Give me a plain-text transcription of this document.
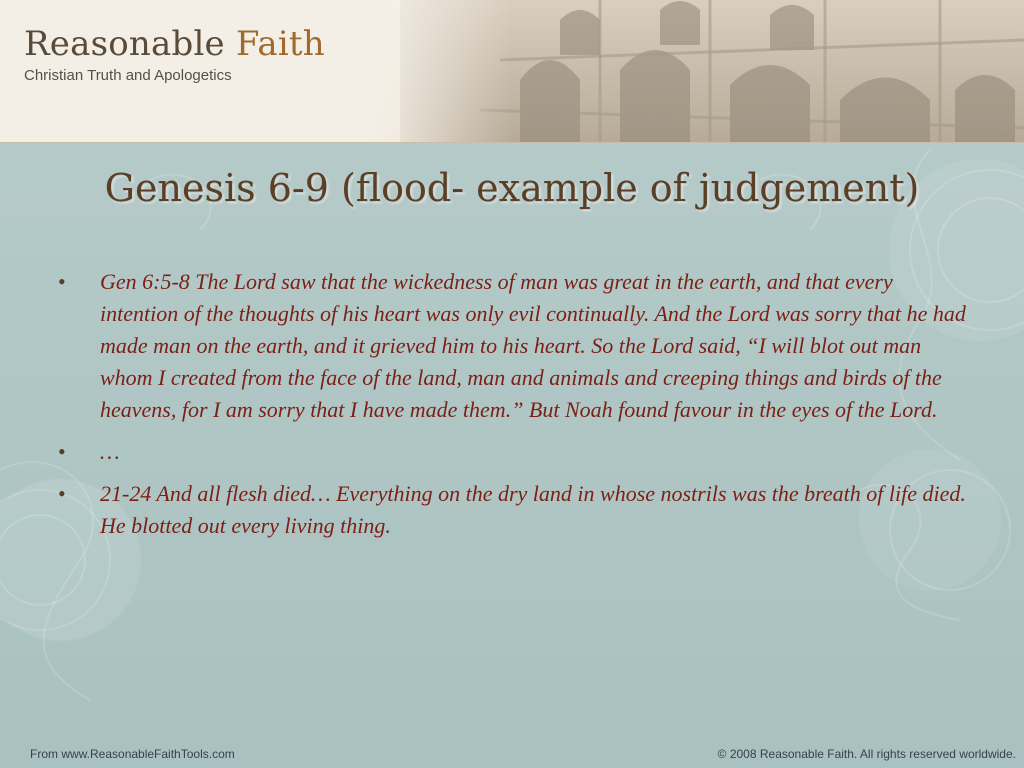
Reasonable Faith
Christian Truth and Apologetics
Genesis 6-9 (flood- example of judgement)
• Gen 6:5-8 The Lord saw that the wickedness of man was great in the earth, and that every intention of the thoughts of his heart was only evil continually. And the Lord was sorry that he had made man on the earth, and it grieved him to his heart. So the Lord said, “I will blot out man whom I created from the face of the land, man and animals and creeping things and birds of the heavens, for I am sorry that I have made them.” But Noah found favour in the eyes of the Lord.
• …
• 21-24 And all flesh died… Everything on the dry land in whose nostrils was the breath of life died. He blotted out every living thing.
From www.ReasonableFaithTools.com	© 2008 Reasonable Faith. All rights reserved worldwide.
